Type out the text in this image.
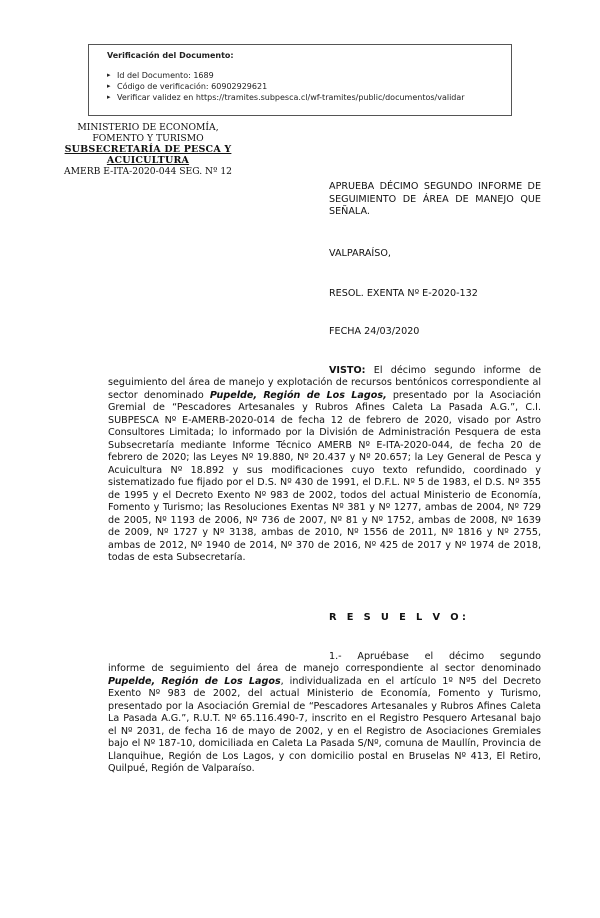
Verificación del Documento:
▸ Id del Documento: 1689
▸ Código de verificación: 60902929621
▸ Verificar validez en https://tramites.subpesca.cl/wf-tramites/public/documentos/validar
MINISTERIO DE ECONOMÍA,
FOMENTO Y TURISMO
SUBSECRETARÍA DE PESCA Y ACUICULTURA
AMERB E-ITA-2020-044 SEG. Nº 12
APRUEBA DÉCIMO SEGUNDO INFORME DE SEGUIMIENTO DE ÁREA DE MANEJO QUE SEÑALA.
VALPARAÍSO,
RESOL. EXENTA Nº E-2020-132
FECHA 24/03/2020
VISTO: El décimo segundo informe de
seguimiento del área de manejo y explotación de recursos bentónicos correspondiente al sector denominado Pupelde, Región de Los Lagos, presentado por la Asociación Gremial de “Pescadores Artesanales y Rubros Afines Caleta La Pasada A.G.”, C.I. SUBPESCA Nº E-AMERB-2020-014 de fecha 12 de febrero de 2020, visado por Astro Consultores Limitada; lo informado por la División de Administración Pesquera de esta Subsecretaría mediante Informe Técnico AMERB Nº E-ITA-2020-044, de fecha 20 de febrero de 2020; las Leyes Nº 19.880, Nº 20.437 y Nº 20.657; la Ley General de Pesca y Acuicultura Nº 18.892 y sus modificaciones cuyo texto refundido, coordinado y sistematizado fue fijado por el D.S. Nº 430 de 1991, el D.F.L. Nº 5 de 1983, el D.S. Nº 355 de 1995 y el Decreto Exento Nº 983 de 2002, todos del actual Ministerio de Economía, Fomento y Turismo; las Resoluciones Exentas Nº 381 y Nº 1277, ambas de 2004, Nº 729 de 2005, Nº 1193 de 2006, Nº 736 de 2007, Nº 81 y Nº 1752, ambas de 2008, Nº 1639 de 2009, Nº 1727 y Nº 3138, ambas de 2010, Nº 1556 de 2011, Nº 1816 y Nº 2755, ambas de 2012, Nº 1940 de 2014, Nº 370 de 2016, Nº 425 de 2017 y Nº 1974 de 2018, todas de esta Subsecretaría.
R E S U E L V O:
1.- Apruébase el décimo segundo
informe de seguimiento del área de manejo correspondiente al sector denominado Pupelde, Región de Los Lagos, individualizada en el artículo 1º Nº5 del Decreto Exento Nº 983 de 2002, del actual Ministerio de Economía, Fomento y Turismo, presentado por la Asociación Gremial de “Pescadores Artesanales y Rubros Afines Caleta La Pasada A.G.”, R.U.T. Nº 65.116.490-7, inscrito en el Registro Pesquero Artesanal bajo el Nº 2031, de fecha 16 de mayo de 2002, y en el Registro de Asociaciones Gremiales bajo el Nº 187-10, domiciliada en Caleta La Pasada S/Nº, comuna de Maullín, Provincia de Llanquihue, Región de Los Lagos, y con domicilio postal en Bruselas Nº 413, El Retiro, Quilpué, Región de Valparaíso.
